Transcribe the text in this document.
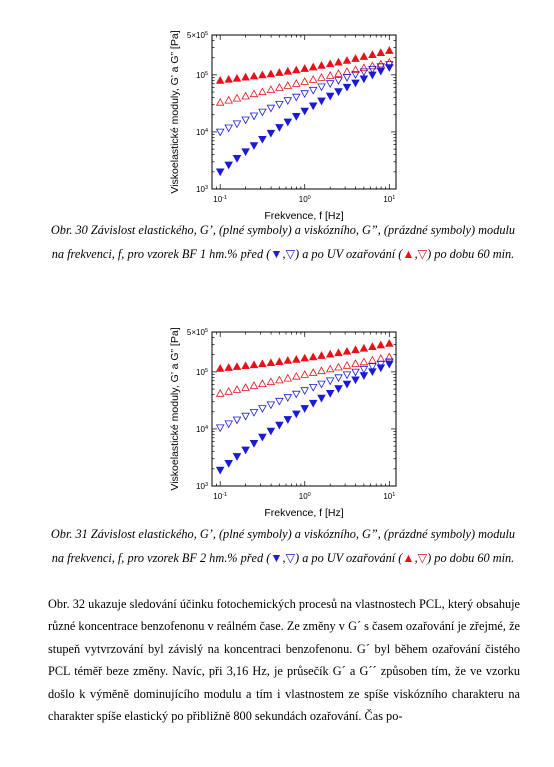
$10^{-1}$	$10^0$	$10^1$
$10^3$
$10^4$
$10^5$
$5\times 10^5$
Frekvence, f [Hz]
Viskoelastické moduly, G’ a G” [Pa]
Obr. 30 Závislost elastického, G’, (plné symboly) a viskózního, G”, (prázdné symboly) modulu na frekvenci, f, pro vzorek BF 1 hm.% před (▼,▽) a po UV ozařování (▲,▽) po dobu 60 min.
$10^{-1}$	$10^0$	$10^1$
$10^3$
$10^4$
$10^5$
$5\times 10^5$
Frekvence, f [Hz]
Viskoelastické moduly, G’ a G” [Pa]
Obr. 31 Závislost elastického, G’, (plné symboly) a viskózního, G”, (prázdné symboly) modulu na frekvenci, f, pro vzorek BF 2 hm.% před (▼,▽) a po UV ozařování (▲,▽) po dobu 60 min.
Obr. 32 ukazuje sledování účinku fotochemických procesů na vlastnostech PCL, který obsahuje různé koncentrace benzofenonu v reálném čase. Ze změny v G´ s časem ozařování je zřejmé, že stupeň vytvrzování byl závislý na koncentraci benzofenonu. G´ byl během ozařování čistého PCL téměř beze změny. Navíc, při 3,16 Hz, je průsečík G´ a G´´ způsoben tím, že ve vzorku došlo k výměně dominujícího modulu a tím i vlastnostem ze spíše viskózního charakteru na charakter spíše elastický po přibližně 800 sekundách ozařování. Čas po-
